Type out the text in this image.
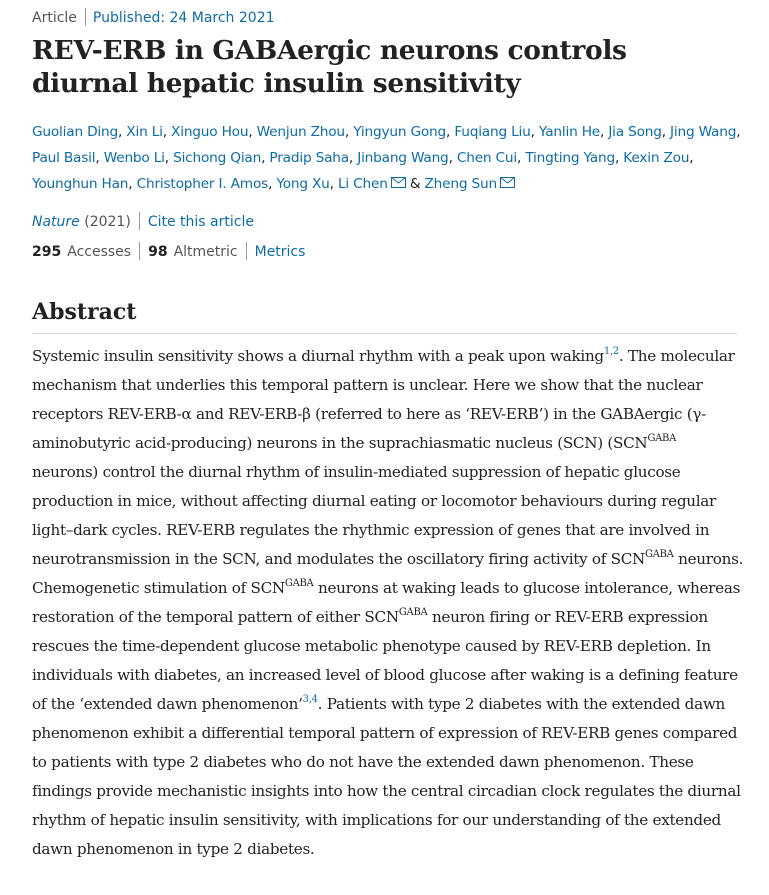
Article Published: 24 March 2021
REV-ERB in GABAergic neurons controls diurnal hepatic insulin sensitivity
Guolian Ding, Xin Li, Xinguo Hou, Wenjun Zhou, Yingyun Gong, Fuqiang Liu, Yanlin He, Jia Song, Jing Wang, Paul Basil, Wenbo Li, Sichong Qian, Pradip Saha, Jinbang Wang, Chen Cui, Tingting Yang, Kexin Zou, Younghun Han, Christopher I. Amos, Yong Xu, Li Chen & Zheng Sun
Nature (2021) Cite this article
295 Accesses 98 Altmetric Metrics
Abstract

Systemic insulin sensitivity shows a diurnal rhythm with a peak upon waking$^{1,2}$. The molecular mechanism that underlies this temporal pattern is unclear. Here we show that the nuclear receptors REV-ERB-α and REV-ERB-β (referred to here as ‘REV-ERB’) in the GABAergic (γ-aminobutyric acid-producing) neurons in the suprachiasmatic nucleus (SCN) ($SCN^{GABA}$ neurons) control the diurnal rhythm of insulin-mediated suppression of hepatic glucose production in mice, without affecting diurnal eating or locomotor behaviours during regular light–dark cycles. REV-ERB regulates the rhythmic expression of genes that are involved in neurotransmission in the SCN, and modulates the oscillatory firing activity of $SCN^{GABA}$ neurons. Chemogenetic stimulation of $SCN^{GABA}$ neurons at waking leads to glucose intolerance, whereas restoration of the temporal pattern of either $SCN^{GABA}$ neuron firing or REV-ERB expression rescues the time-dependent glucose metabolic phenotype caused by REV-ERB depletion. In individuals with diabetes, an increased level of blood glucose after waking is a defining feature of the ‘extended dawn phenomenon’$^{3,4}$. Patients with type 2 diabetes with the extended dawn phenomenon exhibit a differential temporal pattern of expression of REV-ERB genes compared to patients with type 2 diabetes who do not have the extended dawn phenomenon. These findings provide mechanistic insights into how the central circadian clock regulates the diurnal rhythm of hepatic insulin sensitivity, with implications for our understanding of the extended dawn phenomenon in type 2 diabetes.
